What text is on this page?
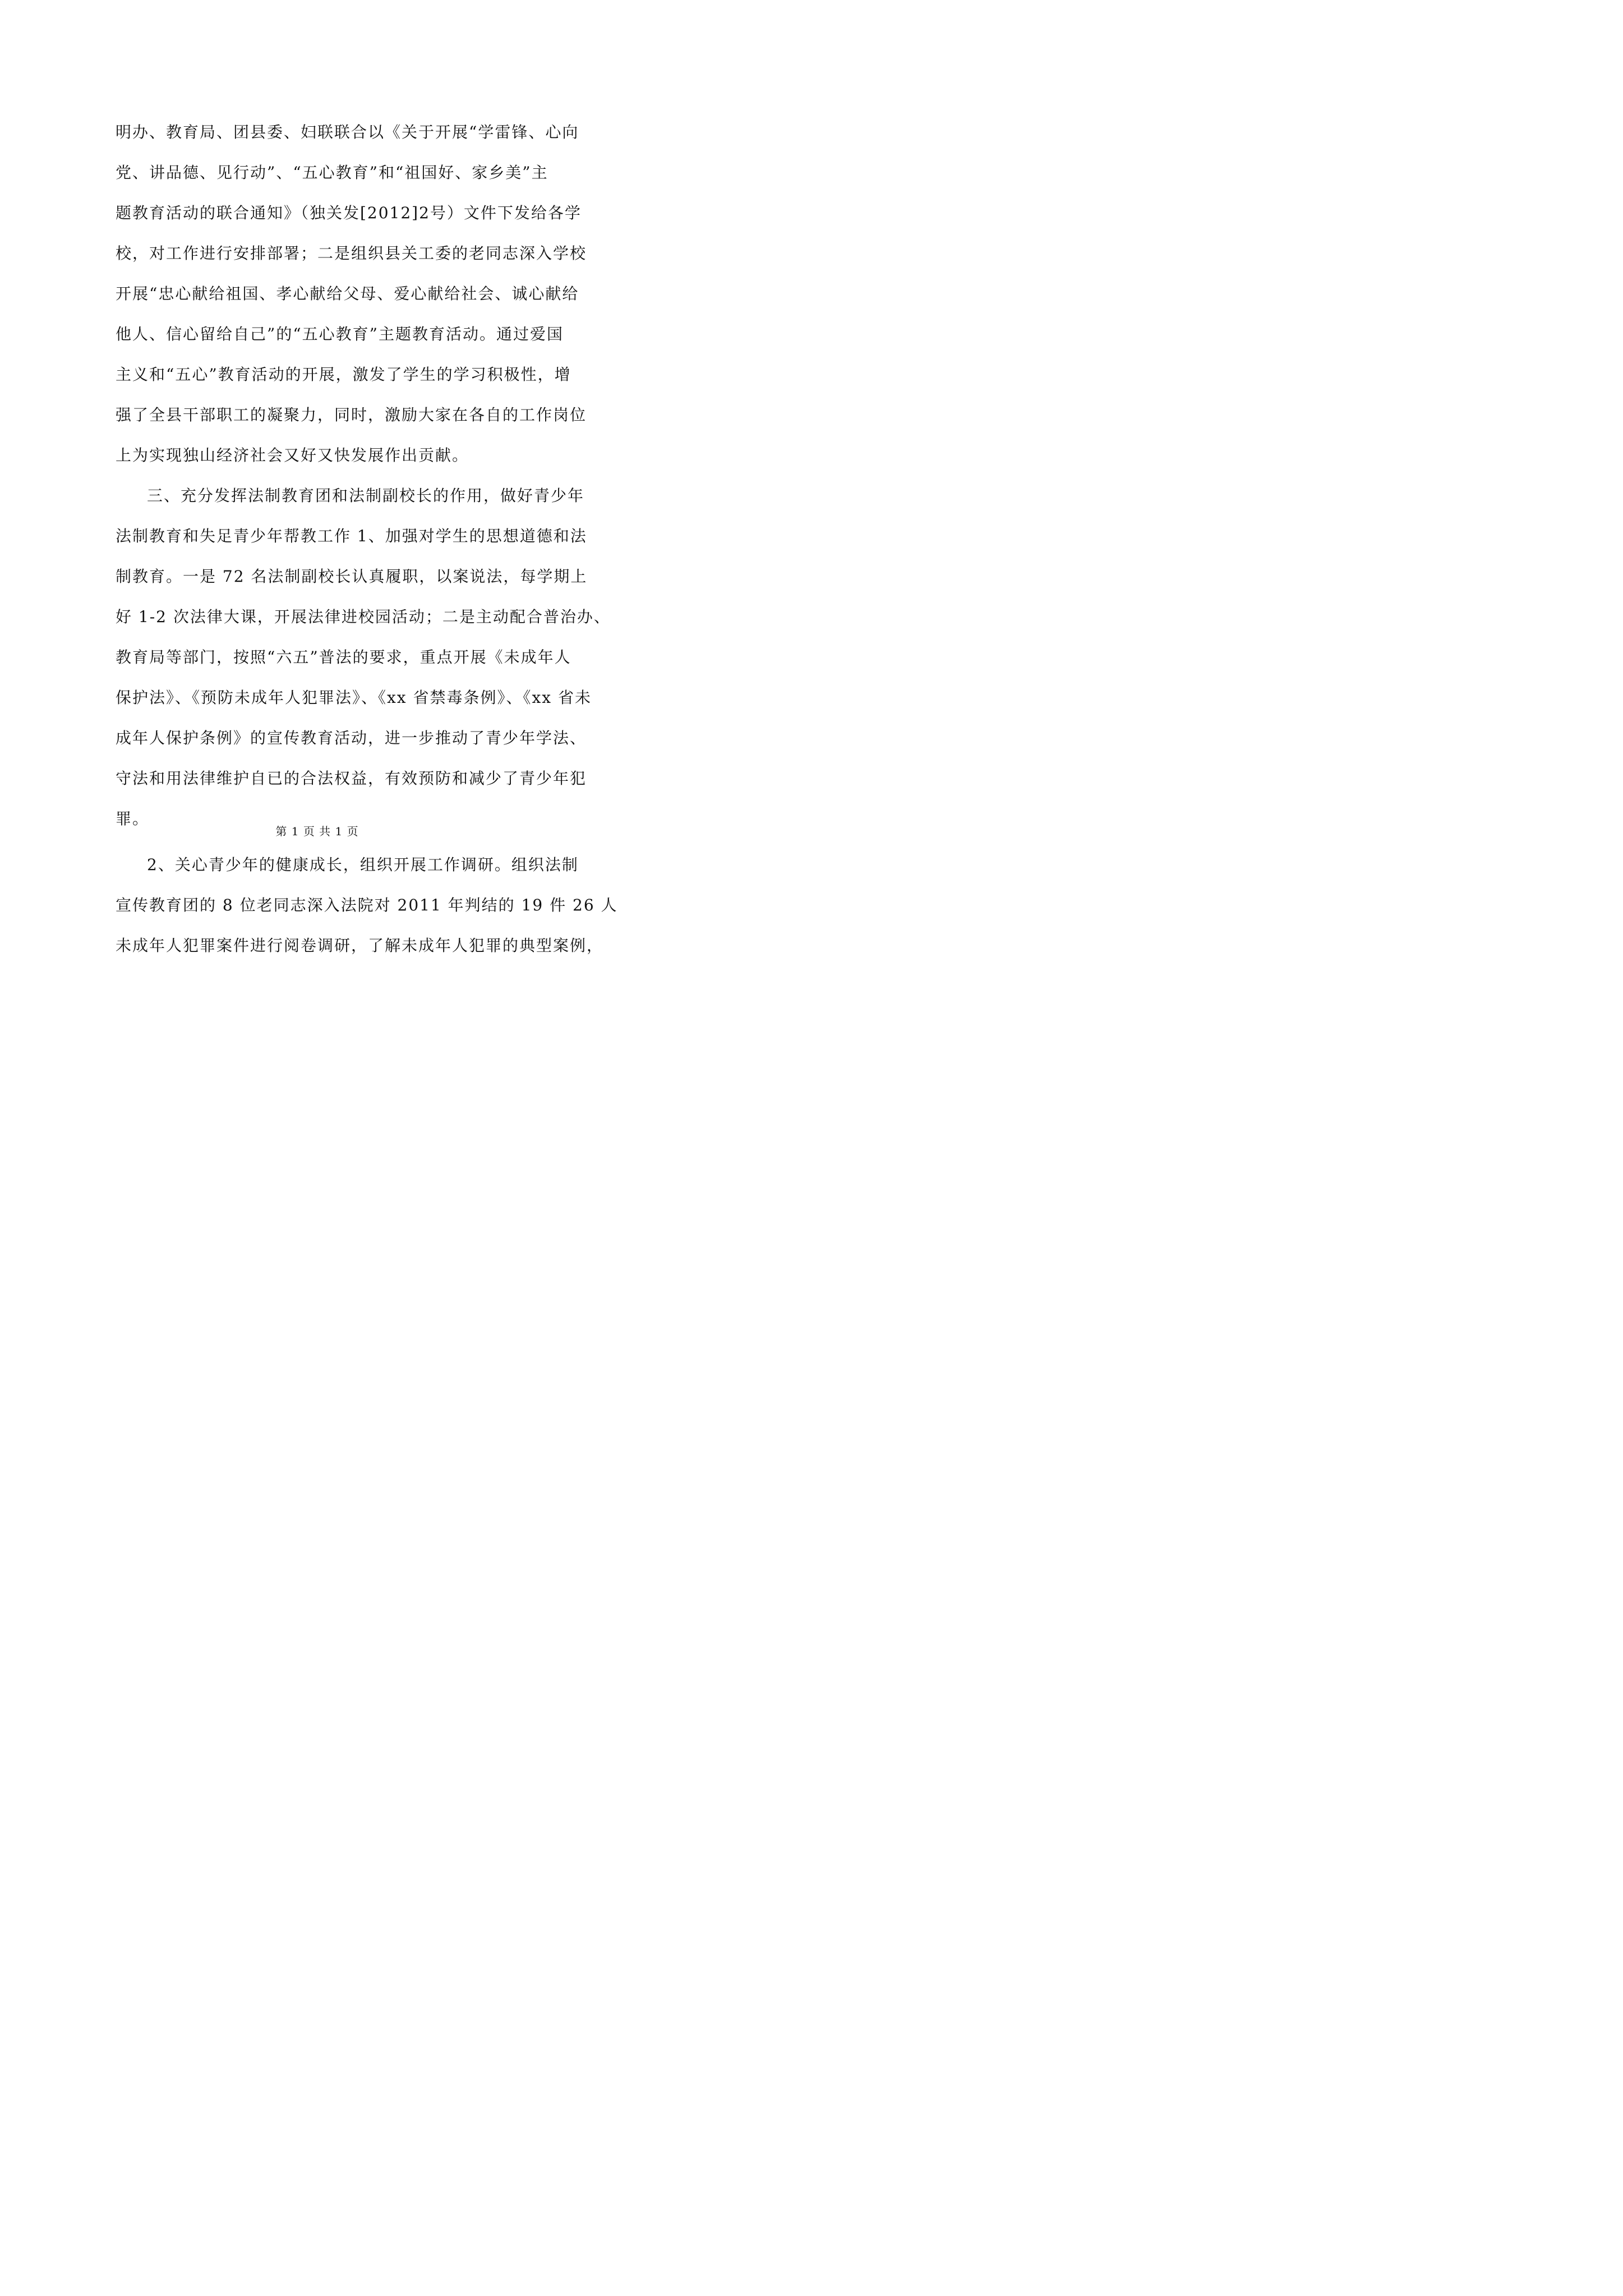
明办、教育局、团县委、妇联联合以《关于开展“学雷锋、心向
党、讲品德、见行动”、“五心教育”和“祖国好、家乡美”主
题教育活动的联合通知》（独关发[2012]2号）文件下发给各学
校，对工作进行安排部署；二是组织县关工委的老同志深入学校
开展“忠心献给祖国、孝心献给父母、爱心献给社会、诚心献给
他人、信心留给自己”的“五心教育”主题教育活动。通过爱国
主义和“五心”教育活动的开展，激发了学生的学习积极性，增
强了全县干部职工的凝聚力，同时，激励大家在各自的工作岗位
上为实现独山经济社会又好又快发展作出贡献。
三、充分发挥法制教育团和法制副校长的作用，做好青少年
法制教育和失足青少年帮教工作 1、加强对学生的思想道德和法
制教育。一是 72 名法制副校长认真履职，以案说法，每学期上
好 1-2 次法律大课，开展法律进校园活动；二是主动配合普治办、
教育局等部门，按照“六五”普法的要求，重点开展《未成年人
保护法》、《预防未成年人犯罪法》、《xx 省禁毒条例》、《xx 省未
成年人保护条例》的宣传教育活动，进一步推动了青少年学法、
守法和用法律维护自已的合法权益，有效预防和减少了青少年犯
罪。
2、关心青少年的健康成长，组织开展工作调研。组织法制
宣传教育团的 8 位老同志深入法院对 2011 年判结的 19 件 26 人
未成年人犯罪案件进行阅卷调研，了解未成年人犯罪的典型案例，
第 1 页 共 1 页
